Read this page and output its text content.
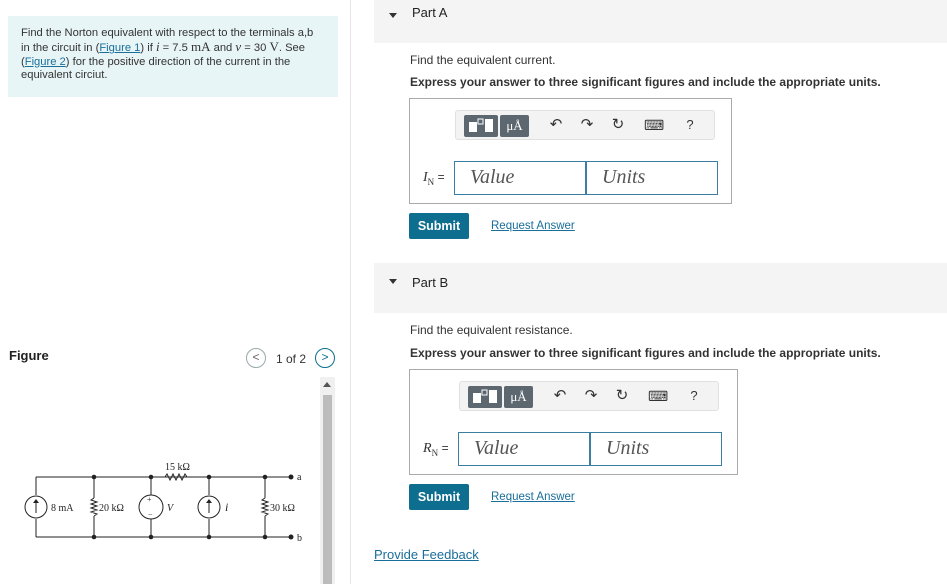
Find the Norton equivalent with respect to the terminals a,b
in the circuit in (Figure 1) if i = 7.5 mA and v = 30 V. See
(Figure 2) for the positive direction of the current in the
equivalent circiut.
Figure	<	1 of 2	>
8 mA	20 kΩ
15 kΩ
V
+
−
i	30 kΩ
a
b
Part A
Find the equivalent current.
Express your answer to three significant figures and include the appropriate units.
μÅ	↶ ↷ ↻ ⌨ ?
$I_N$ =	Value	Units
Submit	Request Answer
Part B
Find the equivalent resistance.
Express your answer to three significant figures and include the appropriate units.
μÅ	↶ ↷ ↻ ⌨ ?
$R_N$ =	Value	Units
Submit	Request Answer
Provide Feedback
